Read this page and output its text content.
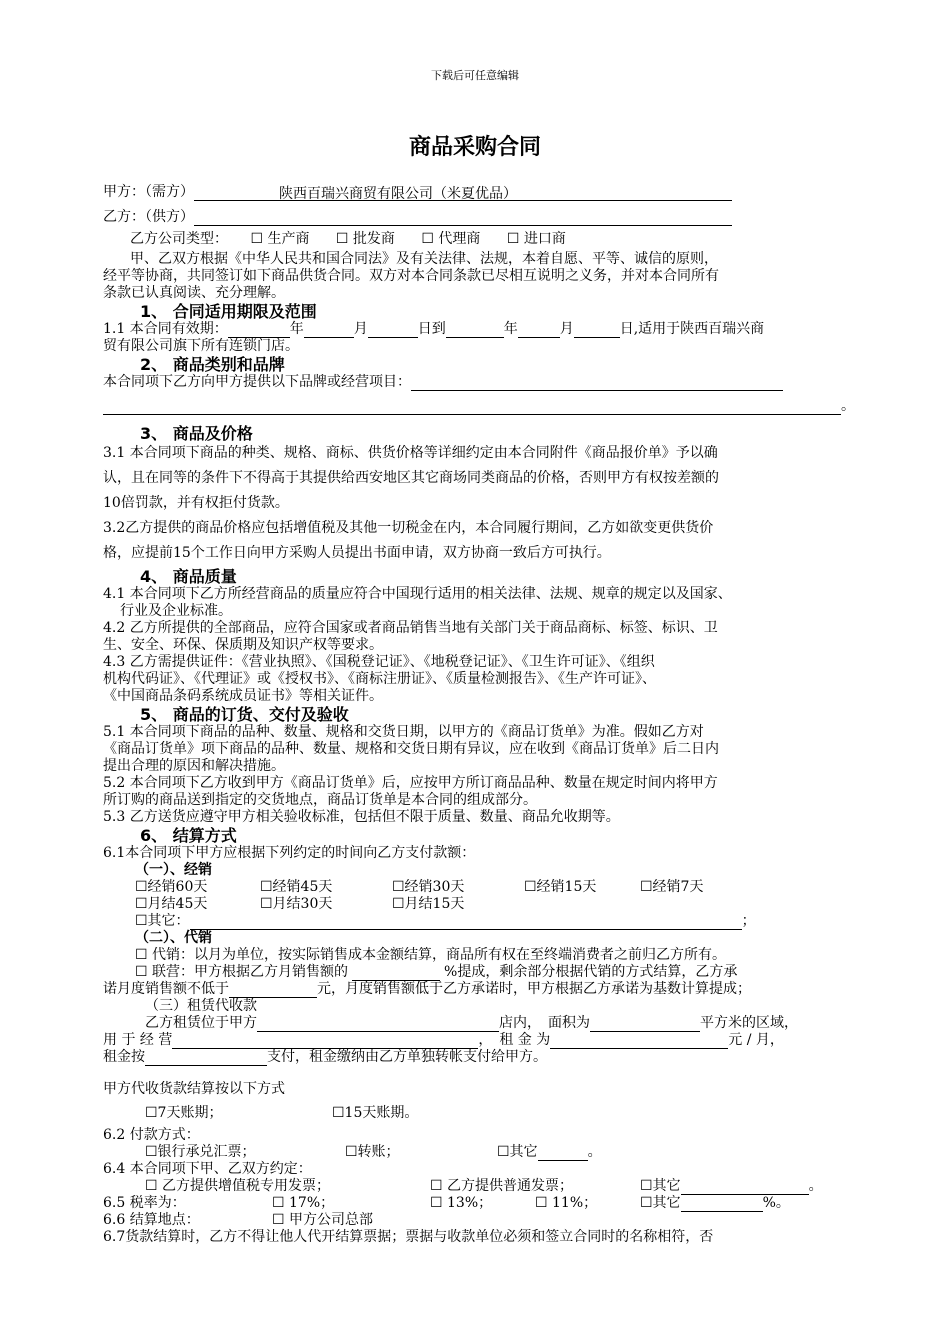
下载后可任意编辑
商品采购合同
甲方：（需方）	陕西百瑞兴商贸有限公司（米夏优品）
乙方：（供方）
乙方公司类型： ☐ 生产商 ☐ 批发商 ☐ 代理商 ☐ 进口商
甲、乙双方根据《中华人民共和国合同法》及有关法律、法规，本着自愿、平等、诚信的原则，
经平等协商，共同签订如下商品供货合同。双方对本合同条款已尽相互说明之义务，并对本合同所有
条款已认真阅读、充分理解。
1、 合同适用期限及范围
1.1 本合同有效期：	年	月	日到	年	月	日,适用于陕西百瑞兴商
贸有限公司旗下所有连锁门店。
2、 商品类别和品牌
本合同项下乙方向甲方提供以下品牌或经营项目：
。
3、 商品及价格
3.1 本合同项下商品的种类、规格、商标、供货价格等详细约定由本合同附件《商品报价单》予以确
认，且在同等的条件下不得高于其提供给西安地区其它商场同类商品的价格，否则甲方有权按差额的
10倍罚款，并有权拒付货款。
3.2乙方提供的商品价格应包括增值税及其他一切税金在内，本合同履行期间，乙方如欲变更供货价
格，应提前15个工作日向甲方采购人员提出书面申请，双方协商一致后方可执行。
4、 商品质量
4.1 本合同项下乙方所经营商品的质量应符合中国现行适用的相关法律、法规、规章的规定以及国家、
行业及企业标准。
4.2 乙方所提供的全部商品，应符合国家或者商品销售当地有关部门关于商品商标、标签、标识、卫
生、安全、环保、保质期及知识产权等要求。
4.3 乙方需提供证件：《营业执照》、《国税登记证》、《地税登记证》、《卫生许可证》、《组织
机构代码证》、《代理证》或《授权书》、《商标注册证》、《质量检测报告》、《生产许可证》、
《中国商品条码系统成员证书》等相关证件。
5、 商品的订货、交付及验收
5.1 本合同项下商品的品种、数量、规格和交货日期，以甲方的《商品订货单》为准。假如乙方对
《商品订货单》项下商品的品种、数量、规格和交货日期有异议，应在收到《商品订货单》后二日内
提出合理的原因和解决措施。
5.2 本合同项下乙方收到甲方《商品订货单》后，应按甲方所订商品品种、数量在规定时间内将甲方
所订购的商品送到指定的交货地点，商品订货单是本合同的组成部分。
5.3 乙方送货应遵守甲方相关验收标准，包括但不限于质量、数量、商品允收期等。
6、 结算方式
6.1本合同项下甲方应根据下列约定的时间向乙方支付款额：
（一）、经销
☐经销60天	☐经销45天	☐经销30天	☐经销15天	☐经销7天
☐月结45天	☐月结30天	☐月结15天
☐其它：	；
（二）、代销
☐ 代销：以月为单位，按实际销售成本金额结算，商品所有权在至终端消费者之前归乙方所有。
☐ 联营：甲方根据乙方月销售额的	%提成，剩余部分根据代销的方式结算，乙方承
诺月度销售额不低于	元，月度销售额低于乙方承诺时，甲方根据乙方承诺为基数计算提成；
（三）租赁代收款
乙方租赁位于甲方	店内，　面积为	平方米的区域，
用 于 经 营	，　租 金 为	元 / 月，
租金按	支付，租金缴纳由乙方单独转帐支付给甲方。
甲方代收货款结算按以下方式
☐7天账期；	☐15天账期。
6.2 付款方式：
☐银行承兑汇票；	☐转账；	☐其它	。
6.4 本合同项下甲、乙双方约定：
☐ 乙方提供增值税专用发票；	☐ 乙方提供普通发票；	☐其它	。
6.5 税率为：	☐ 17%；	☐ 13%；	☐ 11%；	☐其它	%。
6.6 结算地点：	☐ 甲方公司总部
6.7货款结算时，乙方不得让他人代开结算票据；票据与收款单位必须和签立合同时的名称相符，否
